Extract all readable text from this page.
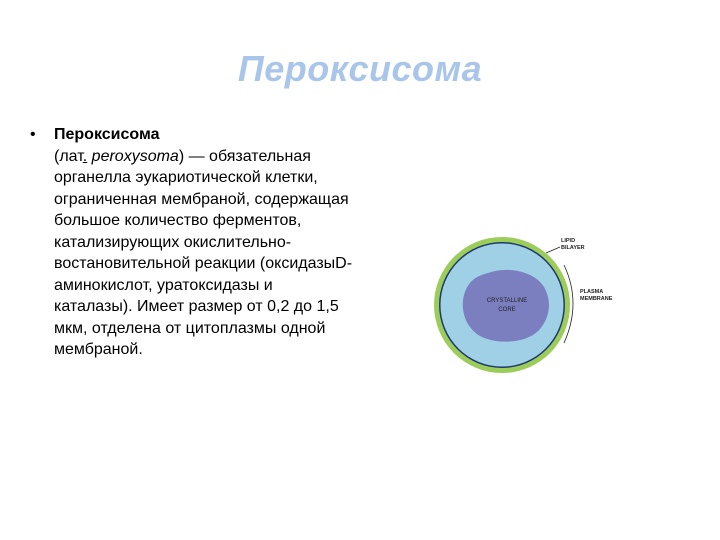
Пероксисома
• Пероксисома
(лат. peroxysoma) — обязательная органелла эукариотической клетки, ограниченная мембраной, содержащая большое количество ферментов, катализирующих окислительно-востановительной реакции (оксидазыD-аминокислот, уратоксидазы и каталазы). Имеет размер от 0,2 до 1,5 мкм, отделена от цитоплазмы одной мембраной.
CRYSTALLINE
CORE
LIPID
BILAYER
PLASMA
MEMBRANE
